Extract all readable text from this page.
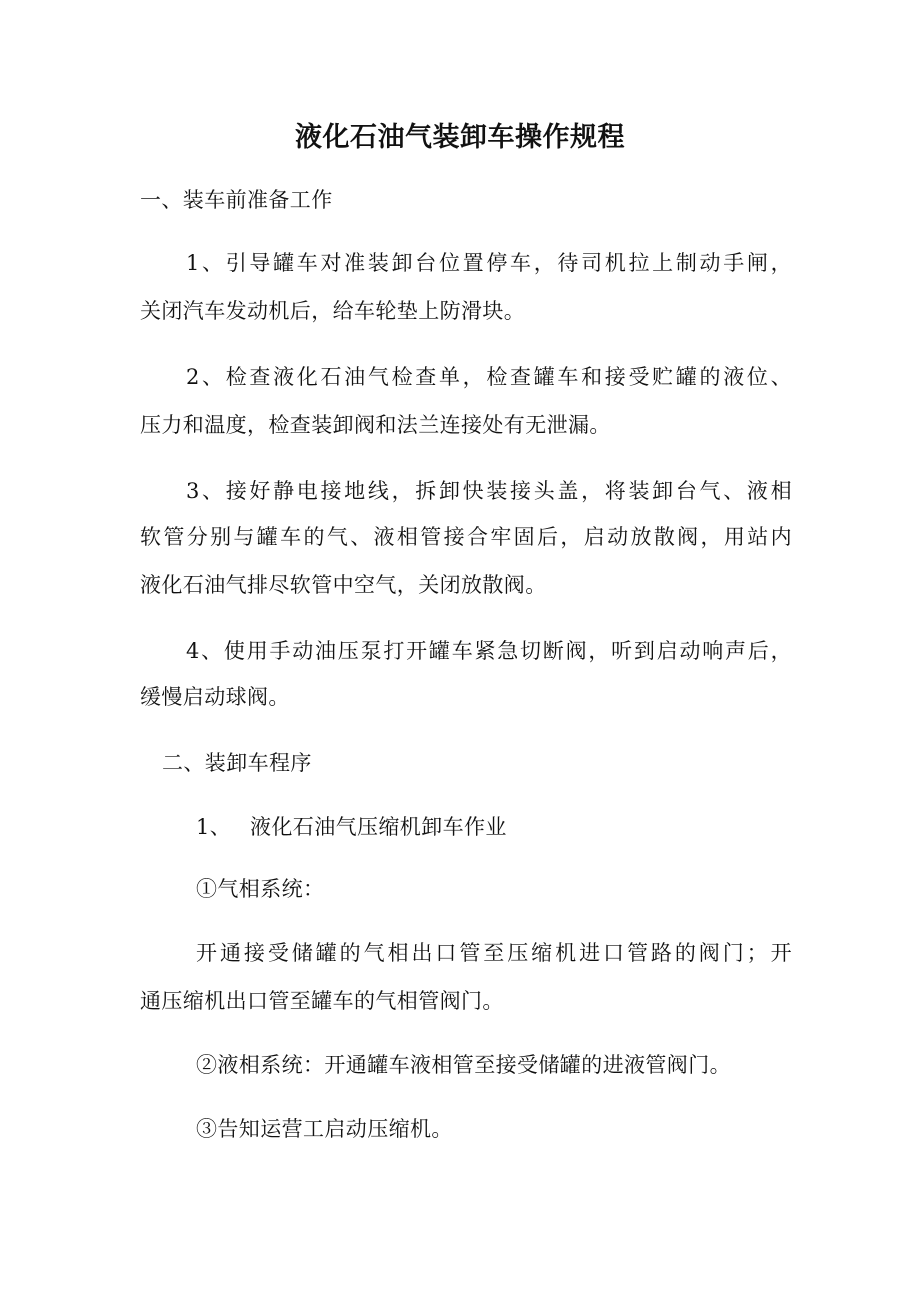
液化石油气装卸车操作规程
一、装车前准备工作
1、引导罐车对准装卸台位置停车，待司机拉上制动手闸，
关闭汽车发动机后，给车轮垫上防滑块。
2、检查液化石油气检查单，检查罐车和接受贮罐的液位、
压力和温度，检查装卸阀和法兰连接处有无泄漏。
3、接好静电接地线，拆卸快装接头盖，将装卸台气、液相
软管分别与罐车的气、液相管接合牢固后，启动放散阀，用站内
液化石油气排尽软管中空气，关闭放散阀。
4、使用手动油压泵打开罐车紧急切断阀，听到启动响声后，
缓慢启动球阀。
二、装卸车程序
1、 液化石油气压缩机卸车作业
①气相系统：
开通接受储罐的气相出口管至压缩机进口管路的阀门；开
通压缩机出口管至罐车的气相管阀门。
②液相系统：开通罐车液相管至接受储罐的进液管阀门。
③告知运营工启动压缩机。
